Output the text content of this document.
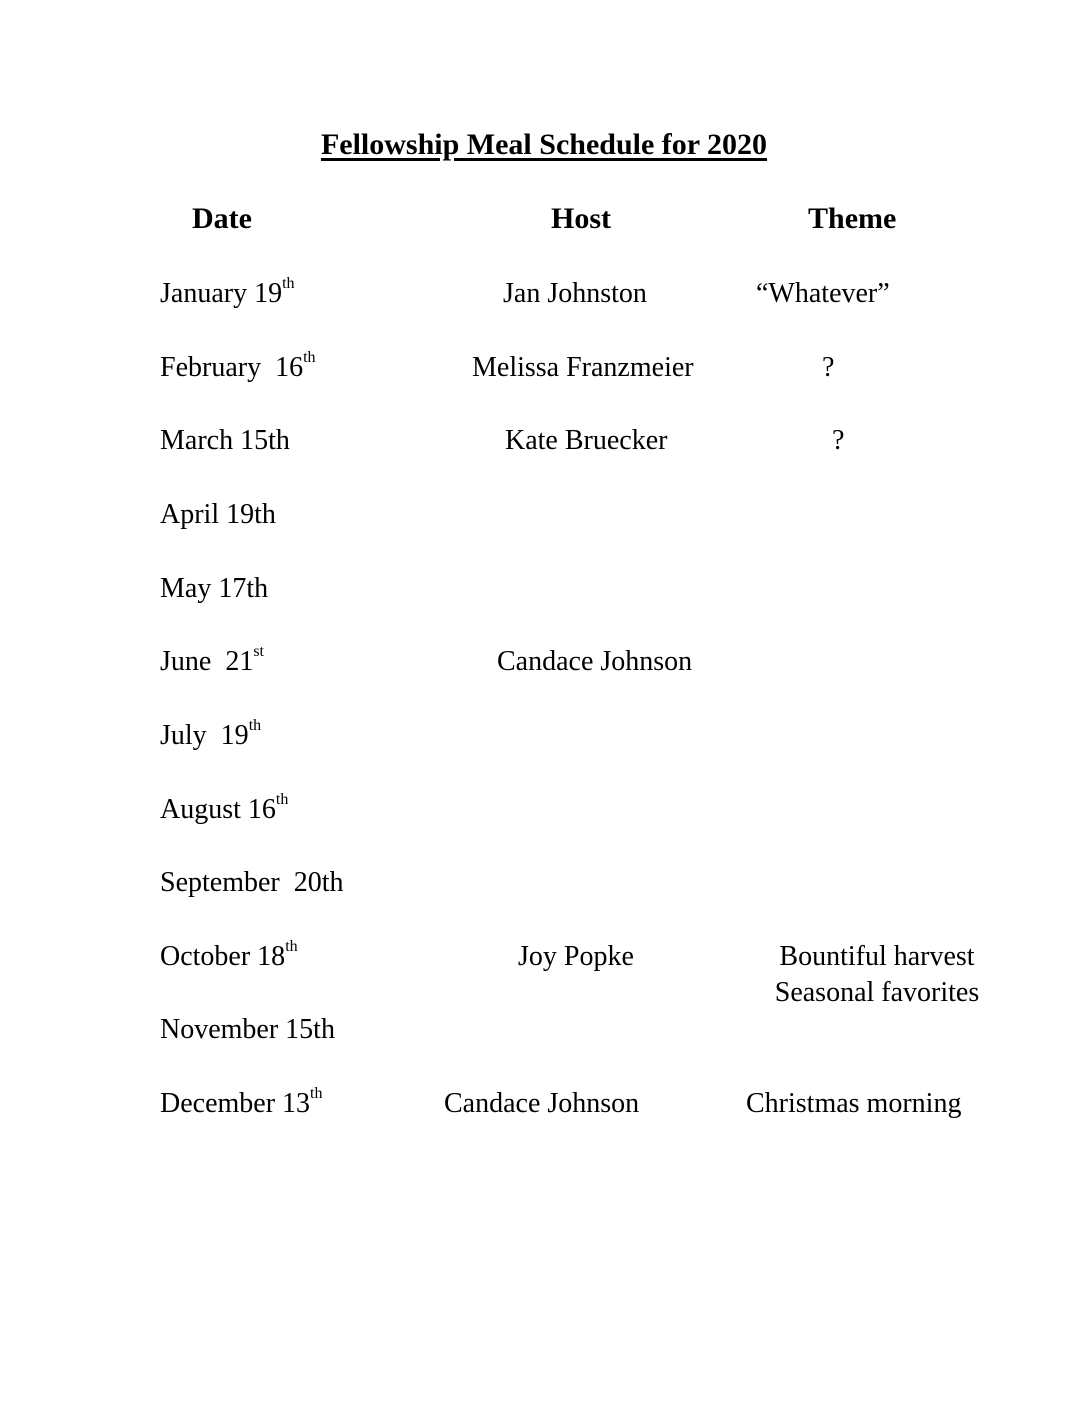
Fellowship Meal Schedule for 2020
Date	Host	Theme
January 19th	Jan Johnston	“Whatever”
February  16th	Melissa Franzmeier	?
March 15th	Kate Bruecker	?
April 19th
May 17th
June  21st	Candace Johnson
July  19th
August 16th
September  20th
October 18th	Joy Popke	Bountiful harvest
Seasonal favorites
November 15th
December 13th	Candace Johnson	Christmas morning
